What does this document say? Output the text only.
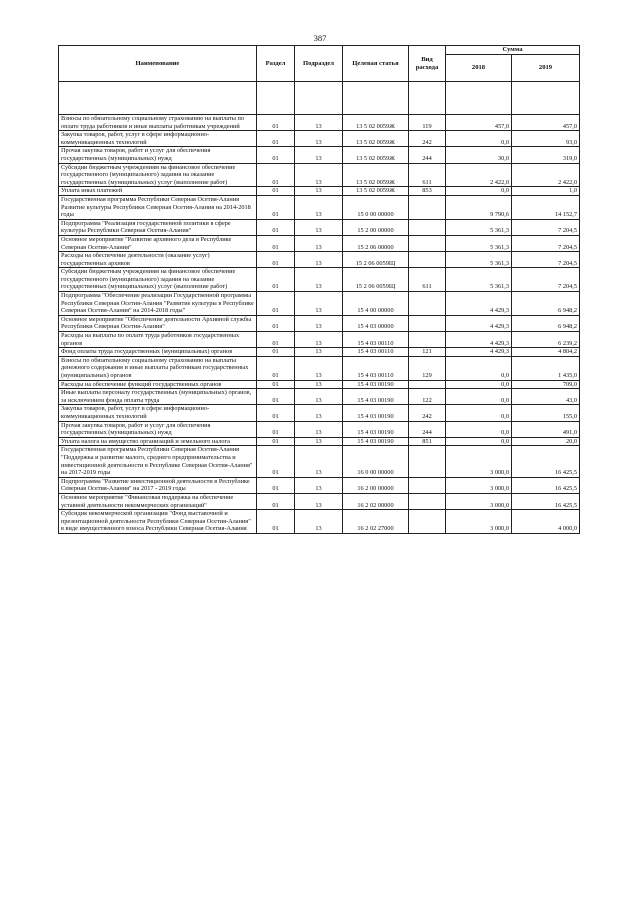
387
Наименование	Раздел	Подраздел	Целевая статья	Вид расхода	Сумма	
					2018	2019

Взносы по обязательному социальному страхованию на выплаты по оплате труда работников и иные выплаты работникам учреждений	01	13	13 5 02 0059Ж	119	457,0	457,0
Закупка товаров, работ, услуг в сфере информационно-коммуникационных технологий	01	13	13 5 02 0059Ж	242	0,0	93,0
Прочая закупка товаров, работ и услуг для обеспечения государственных (муниципальных) нужд	01	13	13 5 02 0059Ж	244	30,0	319,0
Субсидии бюджетным учреждениям на финансовое обеспечение государственного (муниципального) задания на оказание государственных (муниципальных) услуг (выполнение работ)	01	13	13 5 02 0059Ж	611	2 422,0	2 422,0
Уплата иных платежей	01	13	13 5 02 0059Ж	853	0,0	1,0
Государственная программа Республики Северная Осетия-Алания Развитие культуры Республики Северная Осетия-Алания на 2014-2018 годы	01	13	15 0 00 00000		9 790,6	14 152,7
Подпрограмма "Реализация государственной политики в сфере культуры Республики Северная Осетия-Алания"	01	13	15 2 00 00000		5 361,3	7 204,5
Основное мероприятие "Развитие архивного дела в Республике Северная Осетия-Алания"	01	13	15 2 06 00000		5 361,3	7 204,5
Расходы на обеспечение деятельности (оказание услуг) государственных архивов	01	13	15 2 06 0059Щ		5 361,3	7 204,5
Субсидии бюджетным учреждениям на финансовое обеспечение государственного (муниципального) задания на оказание государственных (муниципальных) услуг (выполнение работ)	01	13	15 2 06 0059Щ	611	5 361,3	7 204,5
Подпрограмма "Обеспечение реализации Государственной программы Республики Северная Осетия-Алания "Развитие культуры в Республике Северная Осетия-Алания" на 2014-2018 годы"	01	13	15 4 00 00000		4 429,3	6 948,2
Основное мероприятие "Обеспечение деятельности Архивной службы Республики Северная Осетия-Алания"	01	13	15 4 03 00000		4 429,3	6 948,2
Расходы на выплаты по оплате труда работников государственных органов	01	13	15 4 03 00110		4 429,3	6 239,2
Фонд оплаты труда государственных (муниципальных) органов	01	13	15 4 03 00110	121	4 429,3	4 804,2
Взносы по обязательному социальному страхованию на выплаты денежного содержания и иные выплаты работникам государственных (муниципальных) органов	01	13	15 4 03 00110	129	0,0	1 435,0
Расходы на обеспечение функций государственных органов	01	13	15 4 03 00190		0,0	709,0
Иные выплаты персоналу государственных (муниципальных) органов, за исключением фонда оплаты труда	01	13	15 4 03 00190	122	0,0	43,0
Закупка товаров, работ, услуг в сфере информационно-коммуникационных технологий	01	13	15 4 03 00190	242	0,0	155,0
Прочая закупка товаров, работ и услуг для обеспечения государственных (муниципальных) нужд	01	13	15 4 03 00190	244	0,0	491,0
Уплата налога на имущество организаций и земельного налога	01	13	15 4 03 00190	851	0,0	20,0
Государственная программа Республики Северная Осетия-Алания "Поддержка и развитие малого, среднего предпринимательства и инвестиционной деятельности в Республике Северная Осетия-Алания" на 2017-2019 годы	01	13	16 0 00 00000		3 000,0	16 425,5
Подпрограмма "Развитие инвестиционной деятельности в Республике Северная Осетия-Алания" на 2017 - 2019 годы	01	13	16 2 00 00000		3 000,0	16 425,5
Основное мероприятие "Финансовая поддержка на обеспечение уставной деятельности некоммерческих организаций"	01	13	16 2 02 00000		3 000,0	16 425,5
Субсидия некоммерческой организации "Фонд выставочной и презентационной деятельности Республики Северная Осетия-Алания" в виде имущественного взноса Республики Северная Осетия-Алания	01	13	16 2 02 27000		3 000,0	4 000,0
